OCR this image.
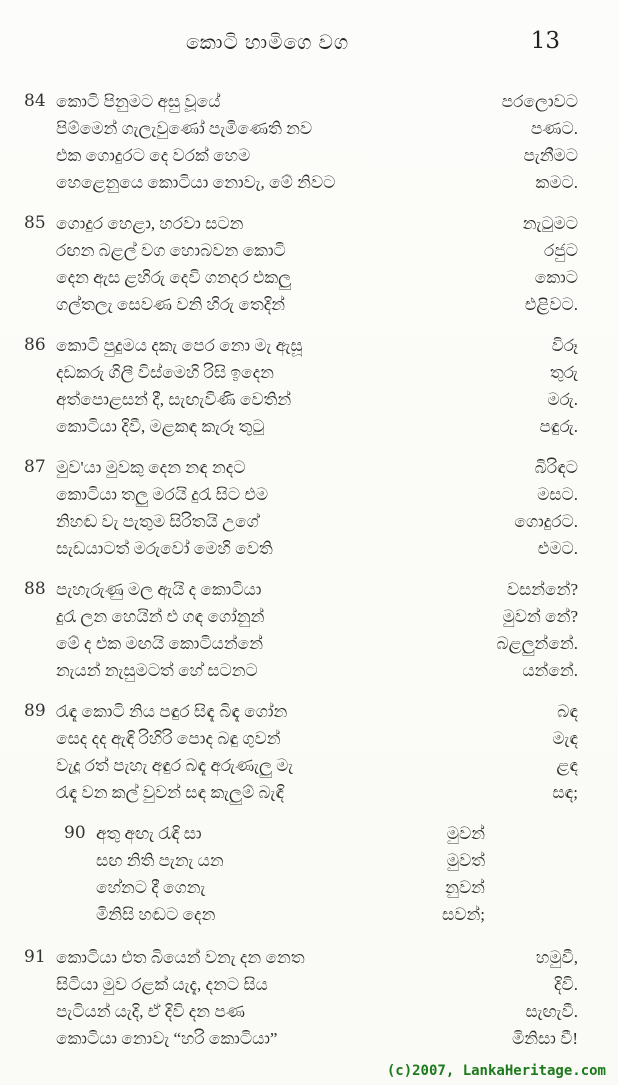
කොටි හාමිගෙ වග	13
84 කොටි පිනුමට අසු වූයේ	පරලොවට
පිම්මෙන් ගැලැවුණෝ පැමිණෙති නව	පණට.
එක ගොදුරට දෙ වරක් හෙම	පැනීමට
හෙළෙනුයෙ කොටියා නොවැ, මේ නිවට	කමට.
85 ගොදුර හෙළා, හරවා සටන	නැටුමට
රඟන බළල් වග හොබවන කොටි	රජුට
දෙන ඇස ළහිරු දෙවි ගනදර එකලු	කොට
ගල්තලැ සෙවණ වනි හිරු තෙදින්	එළිවට.
86 කොටි පුදුමය දකැ පෙර නො මැ ඇසූ	විරූ
දඩකරු ගිලී විස්මෙහි රිසි ඉදෙන	තුරු
අත්පොළසන් දී, සැඟැවිණි වෙතින්	මරු.
කොටියා දිවී, මළකඳ කැරූ තුටු	පඳුරු.
87 මුව'යා මුවකු දෙන නඳ නදට	බිරිඳට
කොටියා තලු මරයි දුරැ සිට එම	මසට.
නිහඬ වැ පැතුම සිරිතයි උගේ	ගොදුරට.
සැඩයාටත් මරුවෝ මෙහි වෙති	එමට.
88 පැහැරුණු මල ඇයි ද කොටියා	වසන්නේ?
දුරැ ලන හෙයින් එ ගඳ ගෝනුන්	මුවන් නේ?
මේ ද එක මඟයි කොටියන්නේ	බළලුන්නේ.
නැයන් නැසුමටත් හේ සටනට	යන්නේ.
89 රැඳැ කොටි නිය පඳුර සිඳැ බිඳැ ගෝන	බඳ
සෙද දද ඇඳි රිහිරි පොද බඳු ගුවන්	මැඳ
වැදූ රත් පැහැ අඳුර බඳැ අරුණැලු මැ	ළඳ
රැඳැ වන කල් වුවන් සඳ කැලුම් බැඳි	සඳ;
90 අතු අඟැ රැඳි සා	මුවන්
සඟ නිති පැනැ යන	මුවත්
හේනට දී ගෙනැ	නුවන්
මිනිසි හඬට දෙන	සවන්;
91 කොටියා එත බියෙන් වනැ දන නෙත	හමුවී,
සිටියා මුව රළක් යැදැ, දනට සිය	දිවි.
පැටියන් යැදි, ඒ දිවි දන පණ	සැඟැවී.
කොටියා නොවැ “හරි කොටියා”	මිනිසා වී!
(c)2007, LankaHeritage.com
